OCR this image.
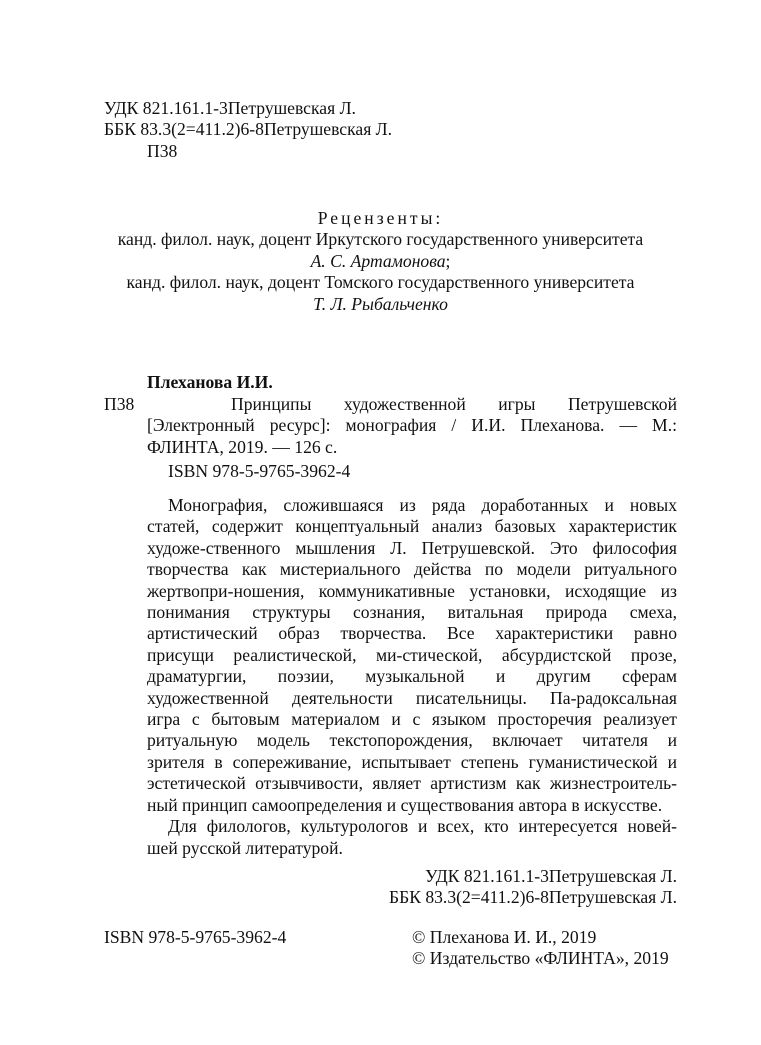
УДК 821.161.1-3Петрушевская Л.
ББК 83.3(2=411.2)6-8Петрушевская Л.
П38
Рецензенты:
канд. филол. наук, доцент Иркутского государственного университета
А. С. Артамонова;
канд. филол. наук, доцент Томского государственного университета
Т. Л. Рыбальченко
Плеханова И.И.
П38	Принципы художественной игры Петрушевской
[Электронный ресурс]: монография / И.И. Плеханова. — М.:
ФЛИНТА, 2019. — 126 с.
ISBN 978-5-9765-3962-4
Монография, сложившаяся из ряда доработанных и новых
статей, содержит концептуальный анализ базовых характеристик
художе-ственного мышления Л. Петрушевской. Это философия
творчества как мистериального действа по модели ритуального
жертвопри-ношения, коммуникативные установки, исходящие из
понимания структуры сознания, витальная природа смеха,
артистический образ творчества. Все характеристики равно
присущи реалистической, ми-стической, абсурдистской прозе,
драматургии, поэзии, музыкальной и другим сферам
художественной деятельности писательницы. Па-радоксальная
игра с бытовым материалом и с языком просторечия реализует
ритуальную модель текстопорождения, включает читателя и
зрителя в сопереживание, испытывает степень гуманистической и
эстетической отзывчивости, являет артистизм как жизнестроитель-
ный принцип самоопределения и существования автора в искусстве.
Для филологов, культурологов и всех, кто интересуется новей-
шей русской литературой.
УДК 821.161.1-3Петрушевская Л.
ББК 83.3(2=411.2)6-8Петрушевская Л.
ISBN 978-5-9765-3962-4	© Плеханова И. И., 2019
© Издательство «ФЛИНТА», 2019
